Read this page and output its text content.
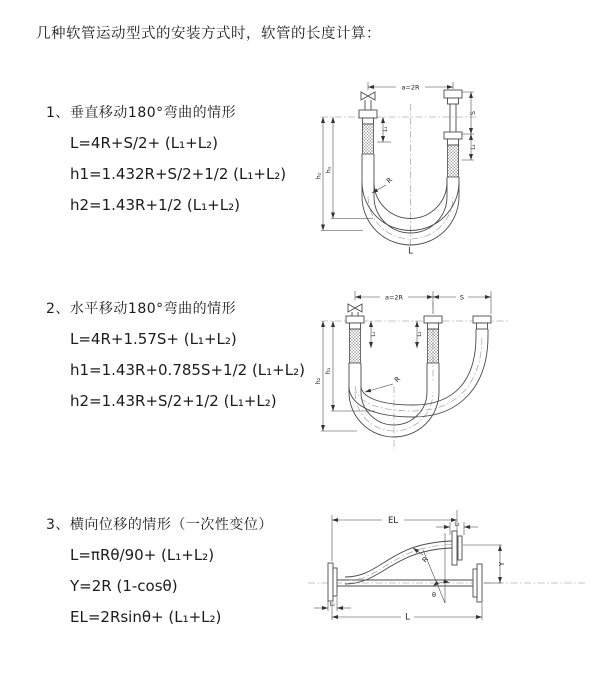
几种软管运动型式的安装方式时，软管的长度计算：
1、垂直移动180°弯曲的情形
L=4R+S/2+ (L₁+L₂)
h1=1.432R+S/2+1/2 (L₁+L₂)
h2=1.43R+1/2 (L₁+L₂)
2、水平移动180°弯曲的情形
L=4R+1.57S+ (L₁+L₂)
h1=1.43R+0.785S+1/2 (L₁+L₂)
h2=1.43R+S/2+1/2 (L₁+L₂)
3、横向位移的情形（一次性变位）
L=πRθ/90+ (L₁+L₂)
Y=2R (1-cosθ)
EL=2Rsinθ+ (L₁+L₂)
a=2R
h₂
h₁
L₁
S
L₂
R
L
a=2R	S
h₂
h₁
L₁	L₂
R
EL	L₂
Y
θ
R
L
L₁
